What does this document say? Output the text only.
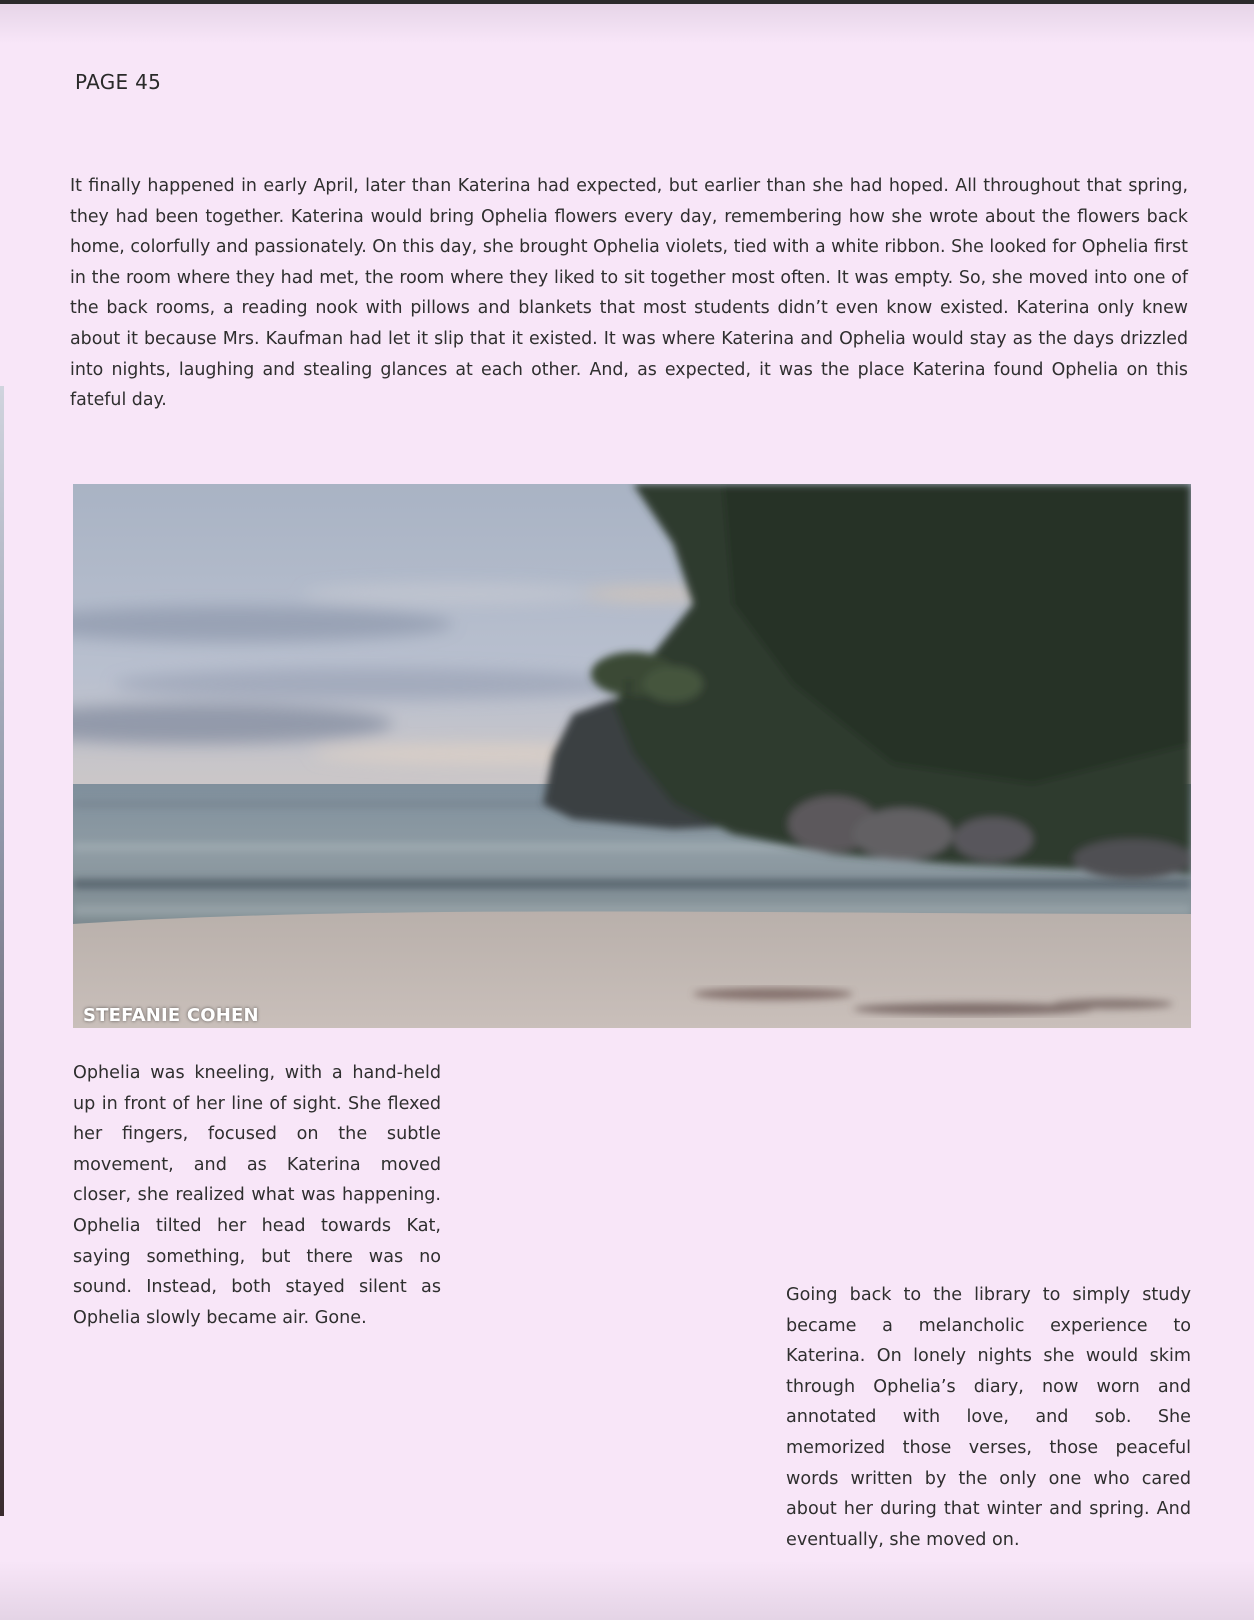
PAGE 45

It finally happened in early April, later than Katerina had expected, but earlier than she had hoped. All throughout that spring, they had been together. Katerina would bring Ophelia flowers every day, remembering how she wrote about the flowers back home, colorfully and passionately. On this day, she brought Ophelia violets, tied with a white ribbon. She looked for Ophelia first in the room where they had met, the room where they liked to sit together most often. It was empty. So, she moved into one of the back rooms, a reading nook with pillows and blankets that most students didn’t even know existed. Katerina only knew about it because Mrs. Kaufman had let it slip that it existed. It was where Katerina and Ophelia would stay as the days drizzled into nights, laughing and stealing glances at each other. And, as expected, it was the place Katerina found Ophelia on this fateful day.

STEFANIE COHEN

Ophelia was kneeling, with a hand-held up in front of her line of sight. She flexed her fingers, focused on the subtle movement, and as Katerina moved closer, she realized what was happening. Ophelia tilted her head towards Kat, saying something, but there was no sound. Instead, both stayed silent as Ophelia slowly became air. Gone.

Going back to the library to simply study became a melancholic experience to Katerina. On lonely nights she would skim through Ophelia’s diary, now worn and annotated with love, and sob. She memorized those verses, those peaceful words written by the only one who cared about her during that winter and spring. And eventually, she moved on.
